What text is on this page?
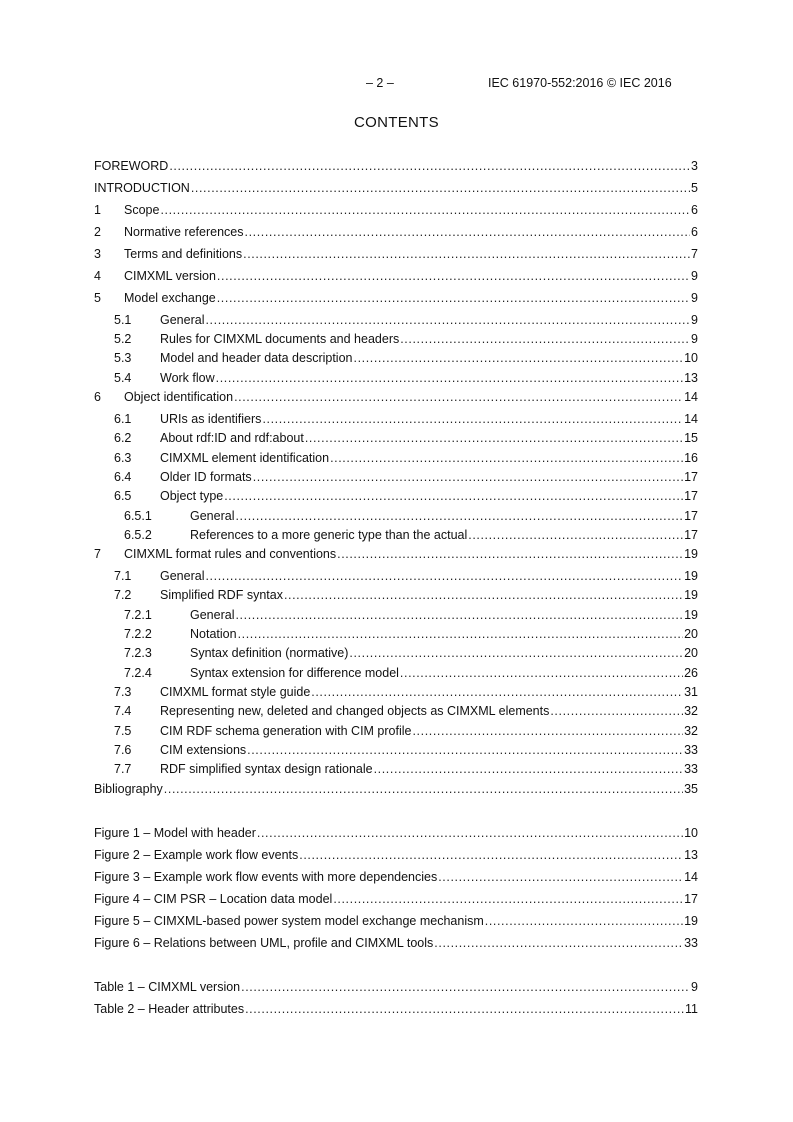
– 2 –	IEC 61970-552:2016 © IEC 2016
CONTENTS
FOREWORD .....	3
INTRODUCTION .....	5
1	Scope .....	6
2	Normative references .....	6
3	Terms and definitions .....	7
4	CIMXML version .....	9
5	Model exchange .....	9
5.1	General .....	9
5.2	Rules for CIMXML documents and headers .....	9
5.3	Model and header data description .....	10
5.4	Work flow .....	13
6	Object identification .....	14
6.1	URIs as identifiers .....	14
6.2	About rdf:ID and rdf:about .....	15
6.3	CIMXML element identification .....	16
6.4	Older ID formats .....	17
6.5	Object type .....	17
6.5.1	General .....	17
6.5.2	References to a more generic type than the actual .....	17
7	CIMXML format rules and conventions .....	19
7.1	General .....	19
7.2	Simplified RDF syntax .....	19
7.2.1	General .....	19
7.2.2	Notation .....	20
7.2.3	Syntax definition (normative) .....	20
7.2.4	Syntax extension for difference model .....	26
7.3	CIMXML format style guide .....	31
7.4	Representing new, deleted and changed objects as CIMXML elements .....	32
7.5	CIM RDF schema generation with CIM profile .....	32
7.6	CIM extensions .....	33
7.7	RDF simplified syntax design rationale .....	33
Bibliography .....	35
Figure 1 – Model with header .....	10
Figure 2 – Example work flow events .....	13
Figure 3 – Example work flow events with more dependencies .....	14
Figure 4 – CIM PSR – Location data model .....	17
Figure 5 – CIMXML-based power system model exchange mechanism .....	19
Figure 6 – Relations between UML, profile and CIMXML tools .....	33
Table 1 – CIMXML version .....	9
Table 2 – Header attributes .....	11
